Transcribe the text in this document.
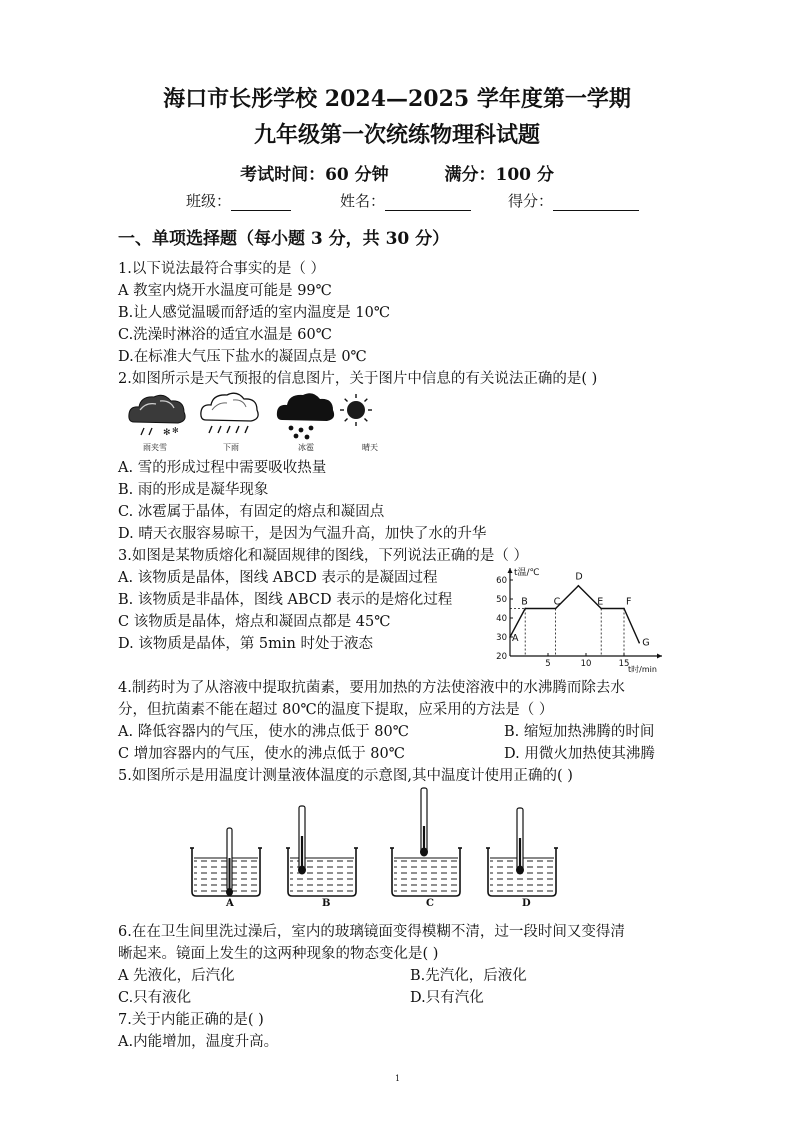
海口市长彤学校 2024—2025 学年度第一学期
九年级第一次统练物理科试题
考试时间：60 分钟	满分：100 分
班级：	姓名：	得分：
一、单项选择题（每小题 3 分，共 30 分）
1.以下说法最符合事实的是（ ）
A 教室内烧开水温度可能是 99℃
B.让人感觉温暖而舒适的室内温度是 10℃
C.洗澡时淋浴的适宜水温是 60℃
D.在标准大气压下盐水的凝固点是 0℃
2.如图所示是天气预报的信息图片，关于图片中信息的有关说法正确的是( )
✻ ✻
雨夹雪	下雨	冰雹	晴天
A. 雪的形成过程中需要吸收热量
B. 雨的形成是凝华现象
C. 冰雹属于晶体，有固定的熔点和凝固点
D. 晴天衣服容易晾干，是因为气温升高，加快了水的升华
3.如图是某物质熔化和凝固规律的图线，下列说法正确的是（ ）
A. 该物质是晶体，图线 ABCD 表示的是凝固过程
B. 该物质是非晶体，图线 ABCD 表示的是熔化过程
C 该物质是晶体，熔点和凝固点都是 45℃
D. 该物质是晶体，第 5min 时处于液态
20
30
40
50
60
5	10	15
t温/℃
t时/min
A
B	C
D
E F
G
4.制药时为了从溶液中提取抗菌素，要用加热的方法使溶液中的水沸腾而除去水
分，但抗菌素不能在超过 80℃的温度下提取，应采用的方法是（ ）
A. 降低容器内的气压，使水的沸点低于 80℃	B. 缩短加热沸腾的时间
C 增加容器内的气压，使水的沸点低于 80℃	D. 用微火加热使其沸腾
5.如图所示是用温度计测量液体温度的示意图,其中温度计使用正确的( )
A	B	C	D
6.在在卫生间里洗过澡后，室内的玻璃镜面变得模糊不清，过一段时间又变得清
晰起来。镜面上发生的这两种现象的物态变化是( )
A 先液化，后汽化	B.先汽化，后液化
C.只有液化	D.只有汽化
7.关于内能正确的是( )
A.内能增加，温度升高。
1
